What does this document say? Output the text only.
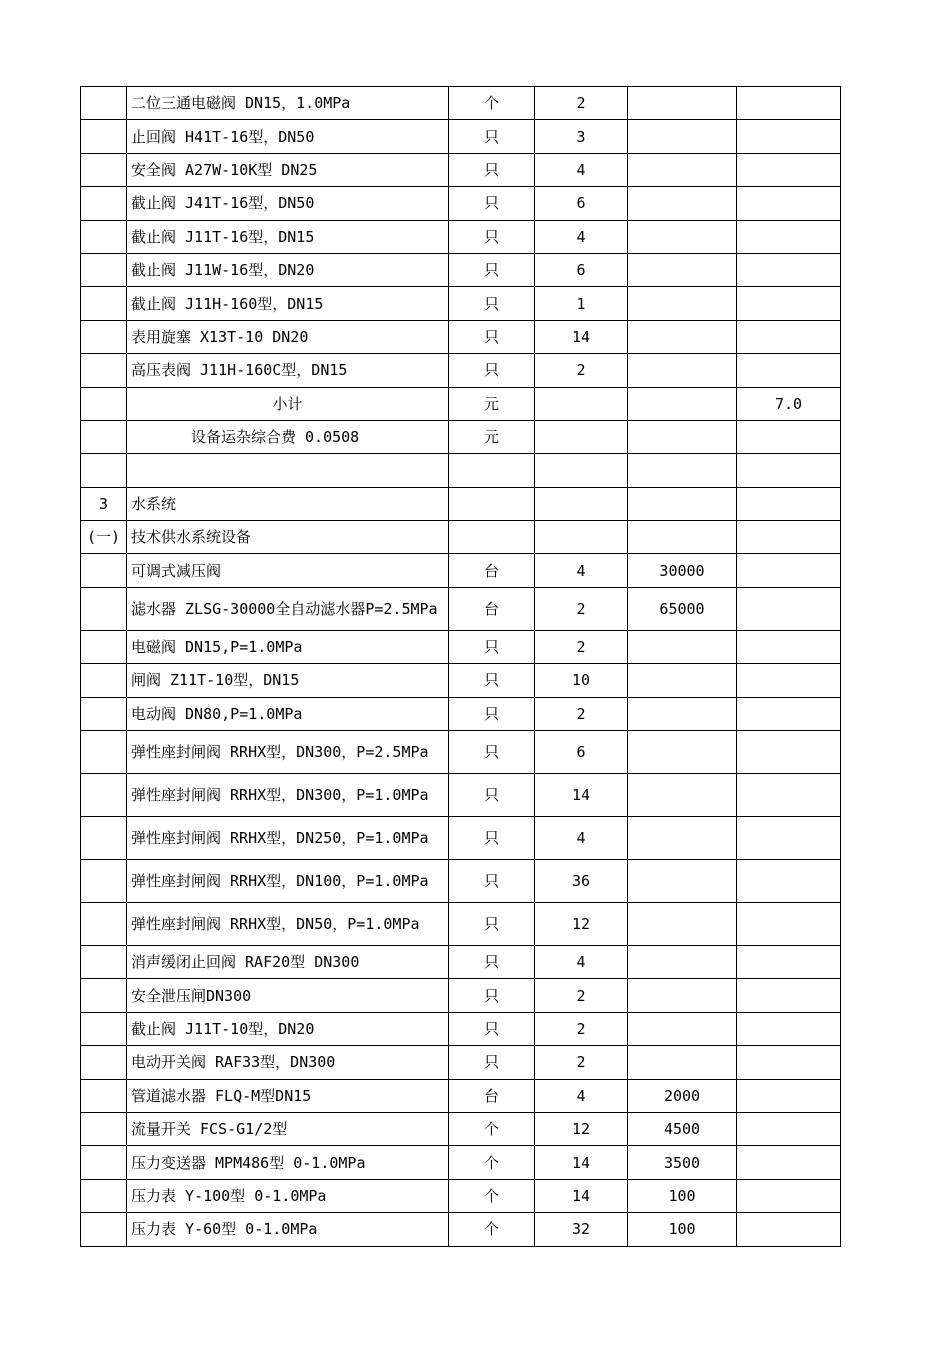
	二位三通电磁阀 DN15，1.0MPa	个	2		
	止回阀 H41T-16型，DN50	只	3		
	安全阀 A27W-10K型 DN25	只	4		
	截止阀 J41T-16型，DN50	只	6		
	截止阀 J11T-16型，DN15	只	4		
	截止阀 J11W-16型，DN20	只	6		
	截止阀 J11H-160型，DN15	只	1		
	表用旋塞 X13T-10 DN20	只	14		
	高压表阀 J11H-160C型，DN15	只	2		
	小计	元			7.0
	设备运杂综合费 0.0508	元			

3	水系统				
(一)	技术供水系统设备				
	可调式减压阀	台	4	30000	
	滤水器 ZLSG-30000全自动滤水器P=2.5MPa	台	2	65000	
	电磁阀 DN15,P=1.0MPa	只	2		
	闸阀 Z11T-10型，DN15	只	10		
	电动阀 DN80,P=1.0MPa	只	2		
	弹性座封闸阀 RRHX型，DN300，P=2.5MPa	只	6		
	弹性座封闸阀 RRHX型，DN300，P=1.0MPa	只	14		
	弹性座封闸阀 RRHX型，DN250，P=1.0MPa	只	4		
	弹性座封闸阀 RRHX型，DN100，P=1.0MPa	只	36		
	弹性座封闸阀 RRHX型，DN50，P=1.0MPa	只	12		
	消声缓闭止回阀 RAF20型 DN300	只	4		
	安全泄压闸DN300	只	2		
	截止阀 J11T-10型，DN20	只	2		
	电动开关阀 RAF33型，DN300	只	2		
	管道滤水器 FLQ-M型DN15	台	4	2000	
	流量开关 FCS-G1/2型	个	12	4500	
	压力变送器 MPM486型 0-1.0MPa	个	14	3500	
	压力表 Y-100型 0-1.0MPa	个	14	100	
	压力表 Y-60型 0-1.0MPa	个	32	100	
